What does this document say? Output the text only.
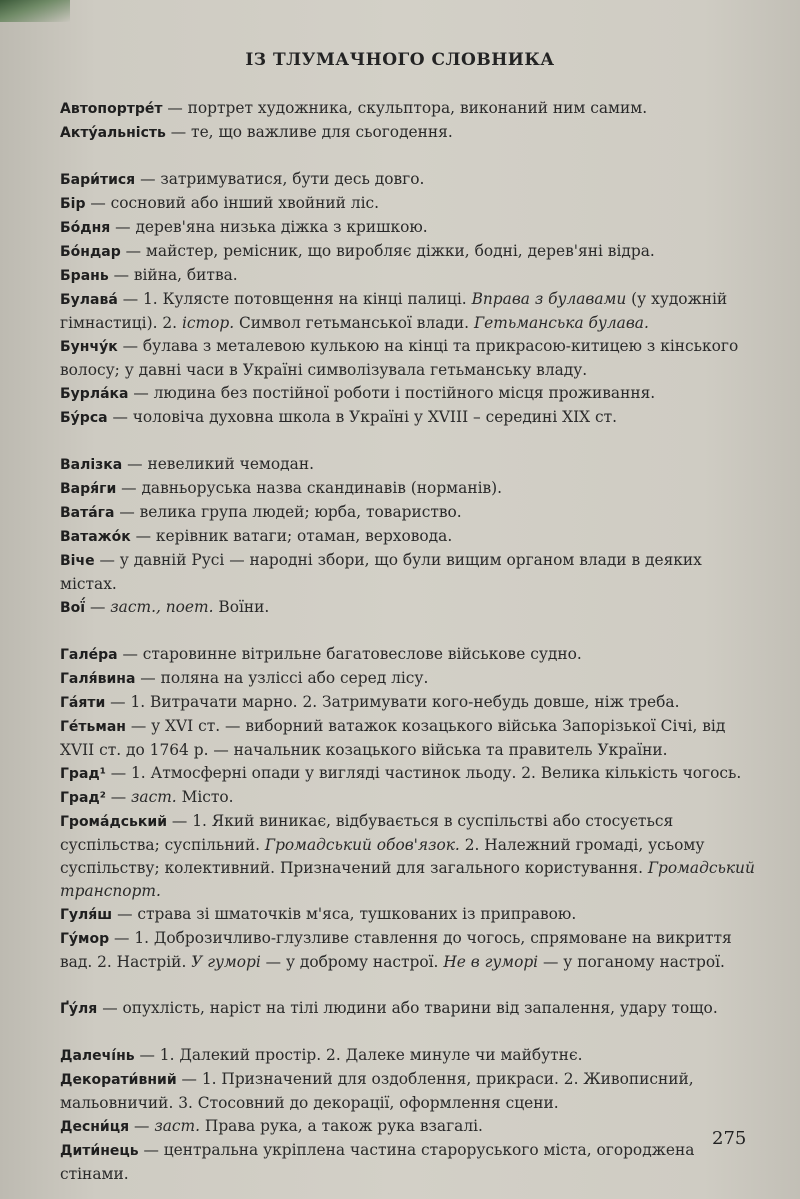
ІЗ ТЛУМАЧНОГО СЛОВНИКА

Автопортре́т — портрет художника, скульптора, виконаний ним самим.

Акту́альність — те, що важливе для сьогодення.

Бари́тися — затримуватися, бути десь довго.

Бір — сосновий або інший хвойний ліс.

Бо́дня — дерев'яна низька діжка з кришкою.

Бо́ндар — майстер, ремісник, що виробляє діжки, бодні, дерев'яні відра.

Брань — війна, битва.

Булава́ — 1. Кулясте потовщення на кінці палиці. Вправа з булавами (у художній гімнастиці). 2. істор. Символ гетьманської влади. Гетьманська булава.

Бунчу́к — булава з металевою кулькою на кінці та прикрасою-китицею з кінського волосу; у давні часи в Україні символізувала гетьманську владу.

Бурла́ка — людина без постійної роботи і постійного місця проживання.

Бу́рса — чоловіча духовна школа в Україні у XVIII – середині XIX ст.

Валізка — невеликий чемодан.

Варя́ги — давньоруська назва скандинавів (норманів).

Вата́га — велика група людей; юрба, товариство.

Ватажо́к — керівник ватаги; отаман, верховода.

Віче — у давній Русі — народні збори, що були вищим органом влади в деяких містах.

Вої́ — заст., поет. Воїни.

Гале́ра — старовинне вітрильне багатовеслове військове судно.

Галя́вина — поляна на узліссі або серед лісу.

Га́яти — 1. Витрачати марно. 2. Затримувати кого-небудь довше, ніж треба.

Ге́тьман — у XVI ст. — виборний ватажок козацького війська Запорізької Січі, від XVII ст. до 1764 р. — начальник козацького війська та правитель України.

Град¹ — 1. Атмосферні опади у вигляді частинок льоду. 2. Велика кількість чогось.

Град² — заст. Місто.

Грома́дський — 1. Який виникає, відбувається в суспільстві або стосується суспільства; суспільний. Громадський обов'язок. 2. Належний громаді, усьому суспільству; колективний. Призначений для загального користування. Громадський транспорт.

Гуля́ш — страва зі шматочків м'яса, тушкованих із приправою.

Гу́мор — 1. Доброзичливо-глузливе ставлення до чогось, спрямоване на викриття вад. 2. Настрій. У гуморі — у доброму настрої. Не в гуморі — у поганому настрої.

Ґу́ля — опухлість, наріст на тілі людини або тварини від запалення, удару тощо.

Далечі́нь — 1. Далекий простір. 2. Далеке минуле чи майбутнє.

Декорати́вний — 1. Призначений для оздоблення, прикраси. 2. Живописний, мальовничий. 3. Стосовний до декорації, оформлення сцени.

Десни́ця — заст. Права рука, а також рука взагалі.

Дити́нець — центральна укріплена частина староруського міста, огороджена стінами.

275
